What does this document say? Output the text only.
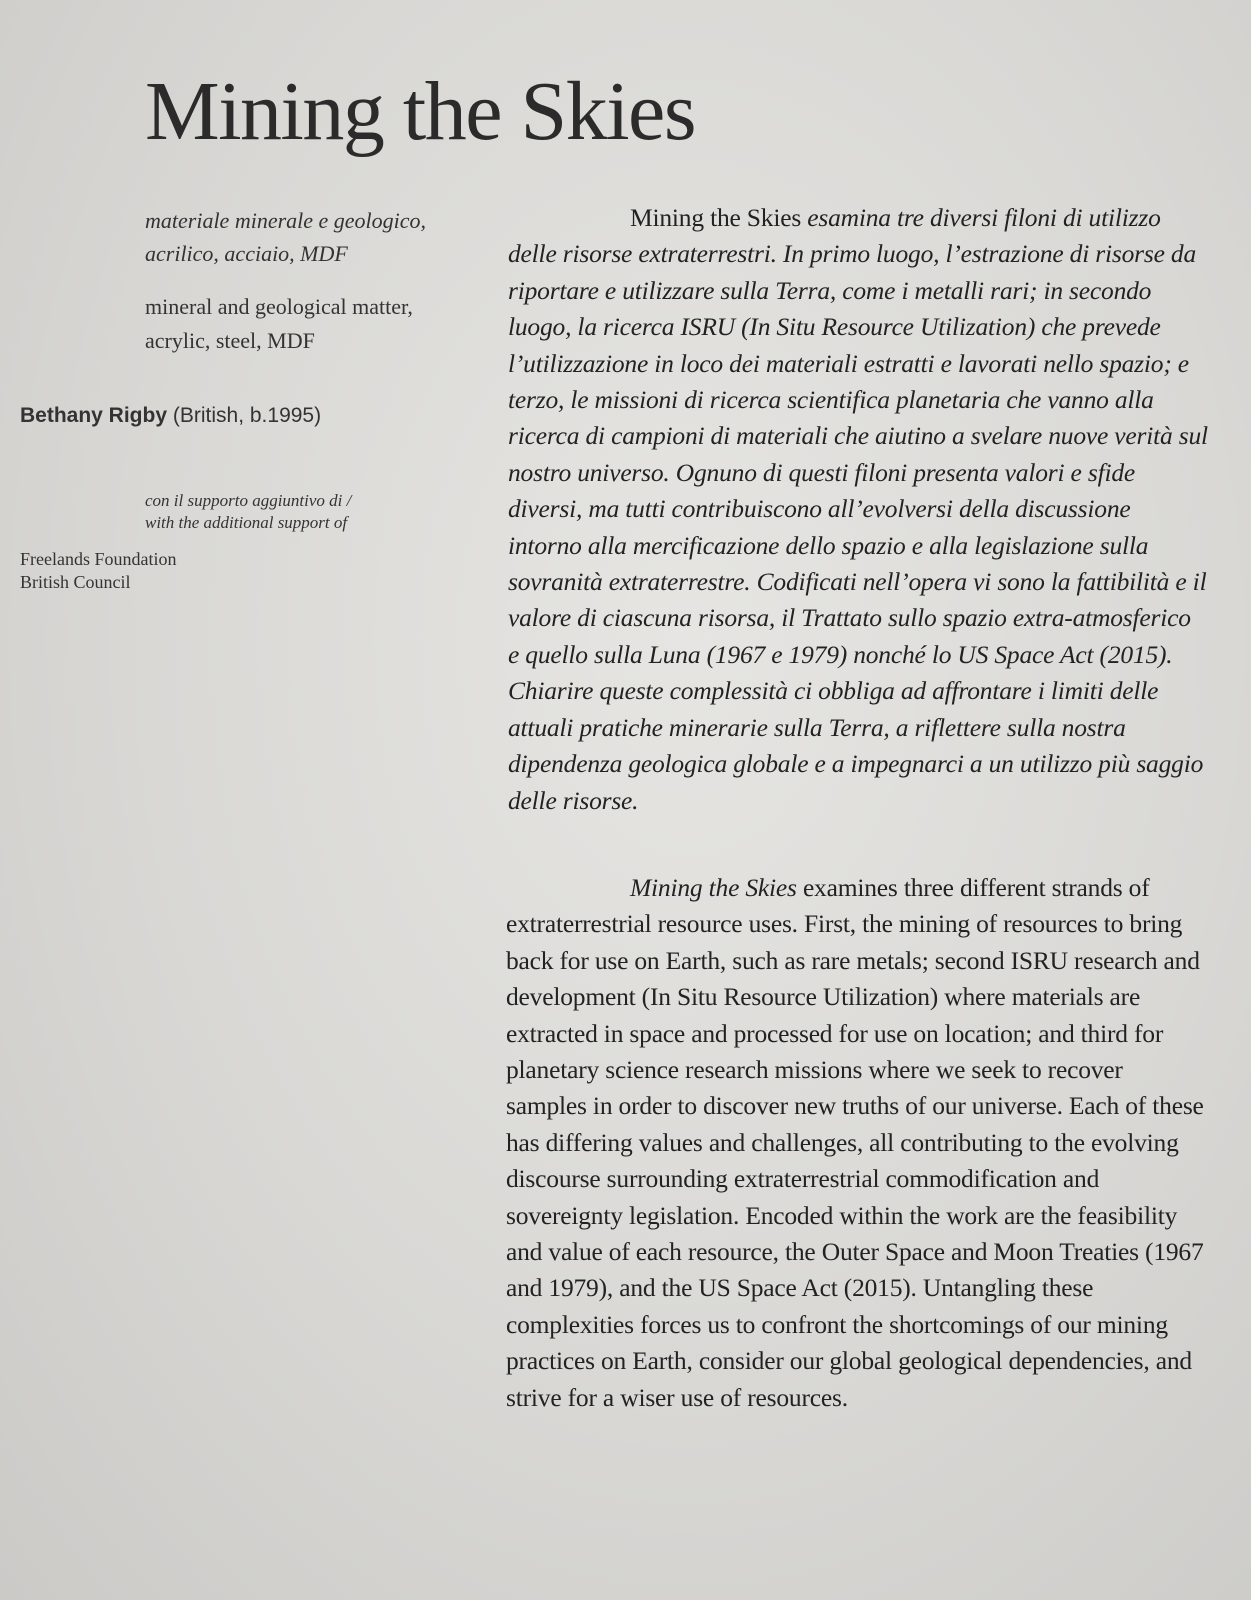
Mining the Skies
materiale minerale e geologico,
acrilico, acciaio, MDF
mineral and geological matter,
acrylic, steel, MDF
Bethany Rigby (British, b.1995)
con il supporto aggiuntivo di /
with the additional support of
Freelands Foundation
British Council

Mining the Skies esamina tre diversi filoni di utilizzo delle risorse extraterrestri. In primo luogo, l’estrazione di risorse da riportare e utilizzare sulla Terra, come i metalli rari; in secondo luogo, la ricerca ISRU (In Situ Resource Utilization) che prevede l’utilizzazione in loco dei materiali estratti e lavorati nello spazio; e terzo, le missioni di ricerca scientifica planetaria che vanno alla ricerca di campioni di materiali che aiutino a svelare nuove verità sul nostro universo. Ognuno di questi filoni presenta valori e sfide diversi, ma tutti contribuiscono all’evolversi della discussione intorno alla mercificazione dello spazio e alla legislazione sulla sovranità extraterrestre. Codificati nell’opera vi sono la fattibilità e il valore di ciascuna risorsa, il Trattato sullo spazio extra-atmosferico e quello sulla Luna (1967 e 1979) nonché lo US Space Act (2015). Chiarire queste complessità ci obbliga ad affrontare i limiti delle attuali pratiche minerarie sulla Terra, a riflettere sulla nostra dipendenza geologica globale e a impegnarci a un utilizzo più saggio delle risorse.

Mining the Skies examines three different strands of extraterrestrial resource uses. First, the mining of resources to bring back for use on Earth, such as rare metals; second ISRU research and development (In Situ Resource Utilization) where materials are extracted in space and processed for use on location; and third for planetary science research missions where we seek to recover samples in order to discover new truths of our universe. Each of these has differing values and challenges, all contributing to the evolving discourse surrounding extraterrestrial commodification and sovereignty legislation. Encoded within the work are the feasibility and value of each resource, the Outer Space and Moon Treaties (1967 and 1979), and the US Space Act (2015). Untangling these complexities forces us to confront the shortcomings of our mining practices on Earth, consider our global geological dependencies, and strive for a wiser use of resources.
